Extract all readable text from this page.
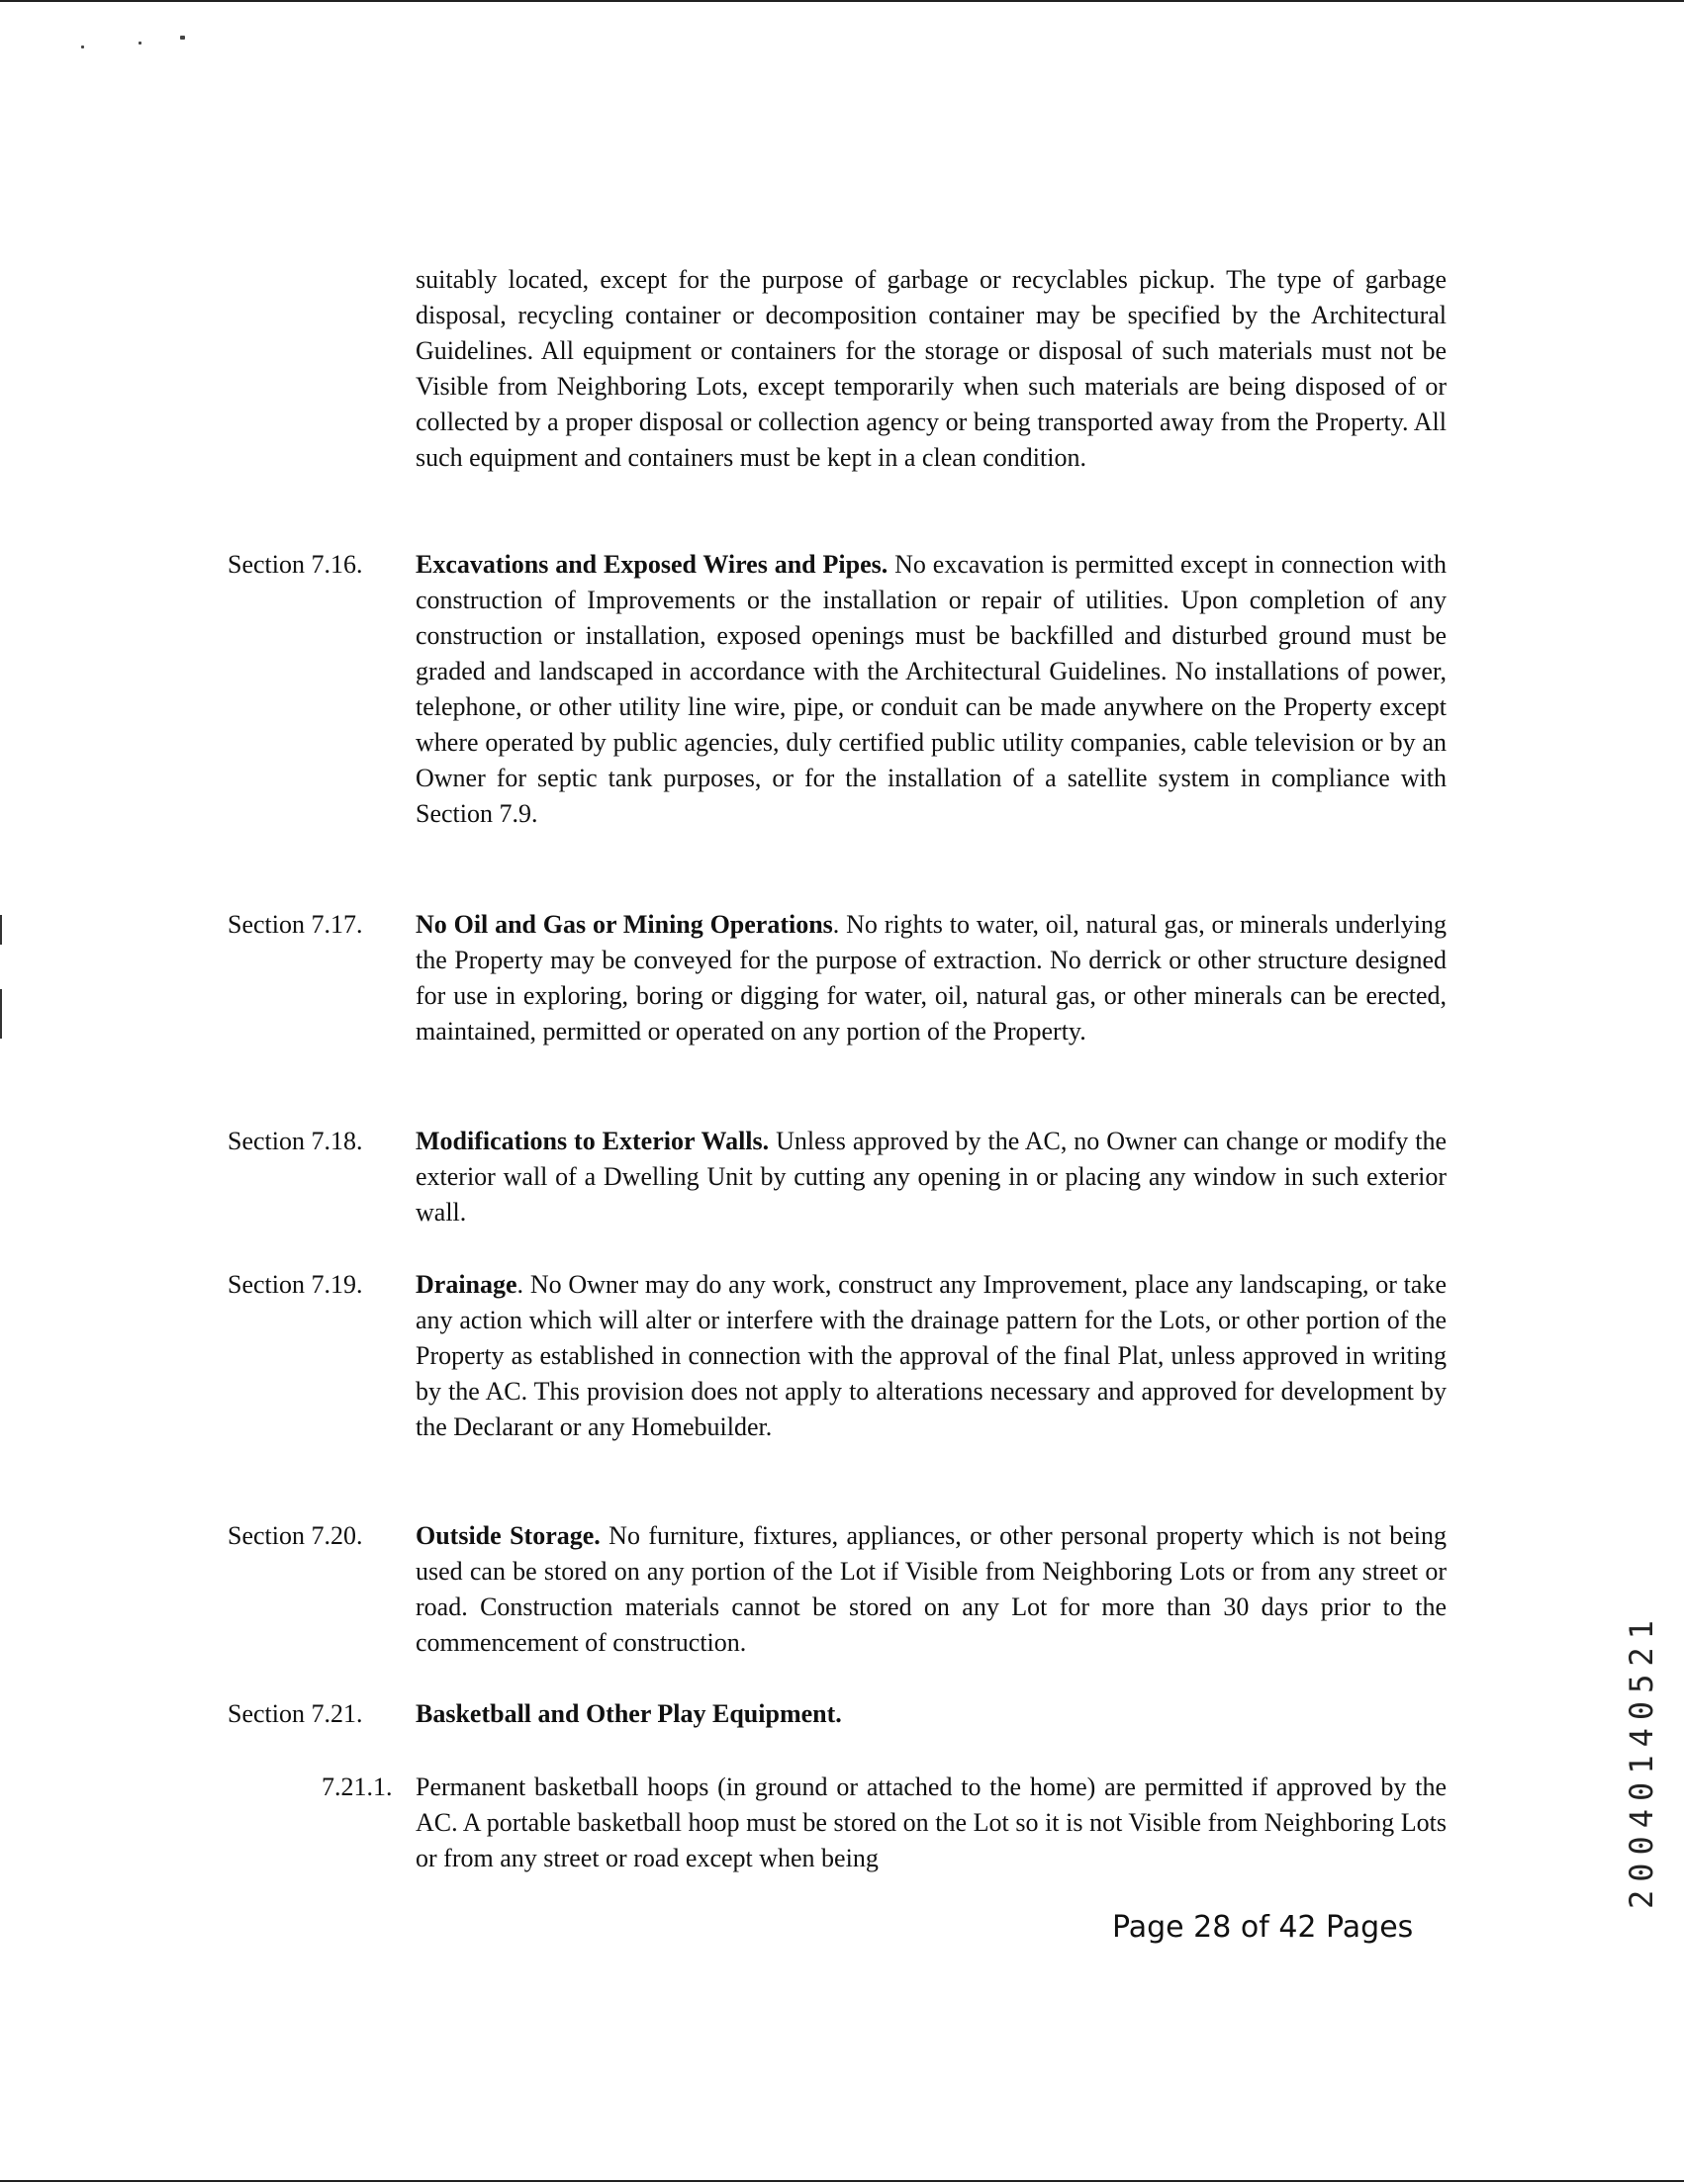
suitably located, except for the purpose of garbage or recyclables pickup. The type of garbage disposal, recycling container or decomposition container may be specified by the Architectural Guidelines. All equipment or containers for the storage or disposal of such materials must not be Visible from Neighboring Lots, except temporarily when such materials are being disposed of or collected by a proper disposal or collection agency or being transported away from the Property. All such equipment and containers must be kept in a clean condition.
Section 7.16. Excavations and Exposed Wires and Pipes. No excavation is permitted except in connection with construction of Improvements or the installation or repair of utilities. Upon completion of any construction or installation, exposed openings must be backfilled and disturbed ground must be graded and landscaped in accordance with the Architectural Guidelines. No installations of power, telephone, or other utility line wire, pipe, or conduit can be made anywhere on the Property except where operated by public agencies, duly certified public utility companies, cable television or by an Owner for septic tank purposes, or for the installation of a satellite system in compliance with Section 7.9.
Section 7.17. No Oil and Gas or Mining Operations. No rights to water, oil, natural gas, or minerals underlying the Property may be conveyed for the purpose of extraction. No derrick or other structure designed for use in exploring, boring or digging for water, oil, natural gas, or other minerals can be erected, maintained, permitted or operated on any portion of the Property.
Section 7.18. Modifications to Exterior Walls. Unless approved by the AC, no Owner can change or modify the exterior wall of a Dwelling Unit by cutting any opening in or placing any window in such exterior wall.
Section 7.19. Drainage. No Owner may do any work, construct any Improvement, place any landscaping, or take any action which will alter or interfere with the drainage pattern for the Lots, or other portion of the Property as established in connection with the approval of the final Plat, unless approved in writing by the AC. This provision does not apply to alterations necessary and approved for development by the Declarant or any Homebuilder.
Section 7.20. Outside Storage. No furniture, fixtures, appliances, or other personal property which is not being used can be stored on any portion of the Lot if Visible from Neighboring Lots or from any street or road. Construction materials cannot be stored on any Lot for more than 30 days prior to the commencement of construction.
Section 7.21. Basketball and Other Play Equipment.
7.21.1. Permanent basketball hoops (in ground or attached to the home) are permitted if approved by the AC. A portable basketball hoop must be stored on the Lot so it is not Visible from Neighboring Lots or from any street or road except when being
Page 28 of 42 Pages
20040140521
